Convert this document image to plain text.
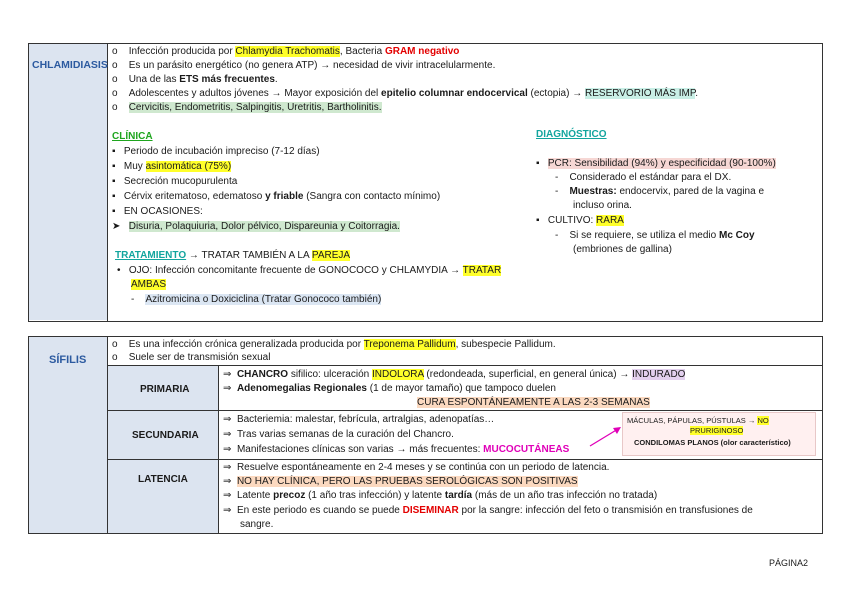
CHLAMIDIASIS
o Infección producida por Chlamydia Trachomatis, Bacteria GRAM negativo
o Es un parásito energético (no genera ATP) → necesidad de vivir intracelularmente.
o Una de las ETS más frecuentes.
o Adolescentes y adultos jóvenes → Mayor exposición del epitelio columnar endocervical (ectopia) → RESERVORIO MÁS IMP.
o Cervicitis, Endometritis, Salpingitis, Uretritis, Bartholinitis.
CLÍNICA
▪   Periodo de incubación impreciso (7-12 días)
▪   Muy asintomática (75%)
▪   Secreción mucopurulenta
▪   Cérvix eritematoso, edematoso y friable (Sangra con contacto mínimo)
▪   EN OCASIONES:
➤   Disuria, Polaquiuria, Dolor pélvico, Dispareunia y Coitorragia.
TRATAMIENTO → TRATAR TAMBIÉN A LA PAREJA
•   OJO: Infección concomitante frecuente de GONOCOCO y CHLAMYDIA → TRATAR
AMBAS
-    Azitromicina o Doxiciclina (Tratar Gonococo también)
DIAGNÓSTICO
▪   PCR: Sensibilidad (94%) y especificidad (90-100%)
-    Considerado el estándar para el DX.
-    Muestras: endocervix, pared de la vagina e
incluso orina.
▪   CULTIVO: RARA
-    Si se requiere, se utiliza el medio Mc Coy
(embriones de gallina)
SÍFILIS
o    Es una infección crónica generalizada producida por Treponema Pallidum, subespecie Pallidum.
o    Suele ser de transmisión sexual
PRIMARIA
⇒  CHANCRO sifilico: ulceración INDOLORA (redondeada, superficial, en general única) → INDURADO
⇒  Adenomegalias Regionales (1 de mayor tamaño) que tampoco duelen
CURA ESPONTÁNEAMENTE A LAS 2-3 SEMANAS
SECUNDARIA
⇒  Bacteriemia: malestar, febrícula, artralgias, adenopatías…
⇒  Tras varias semanas de la curación del Chancro.
⇒  Manifestaciones clínicas son varias → más frecuentes: MUCOCUTÁNEAS
MÁCULAS, PÁPULAS, PÚSTULAS → NO
PRURIGINOSO
CONDILOMAS PLANOS (olor característico)
LATENCIA
⇒  Resuelve espontáneamente en 2-4 meses y se continúa con un periodo de latencia.
⇒  NO HAY CLÍNICA, PERO LAS PRUEBAS SEROLÓGICAS SON POSITIVAS
⇒  Latente precoz (1 año tras infección) y latente tardía (más de un año tras infección no tratada)
⇒  En este periodo es cuando se puede DISEMINAR por la sangre: infección del feto o transmisión en transfusiones de
sangre.
PÁGINA2
